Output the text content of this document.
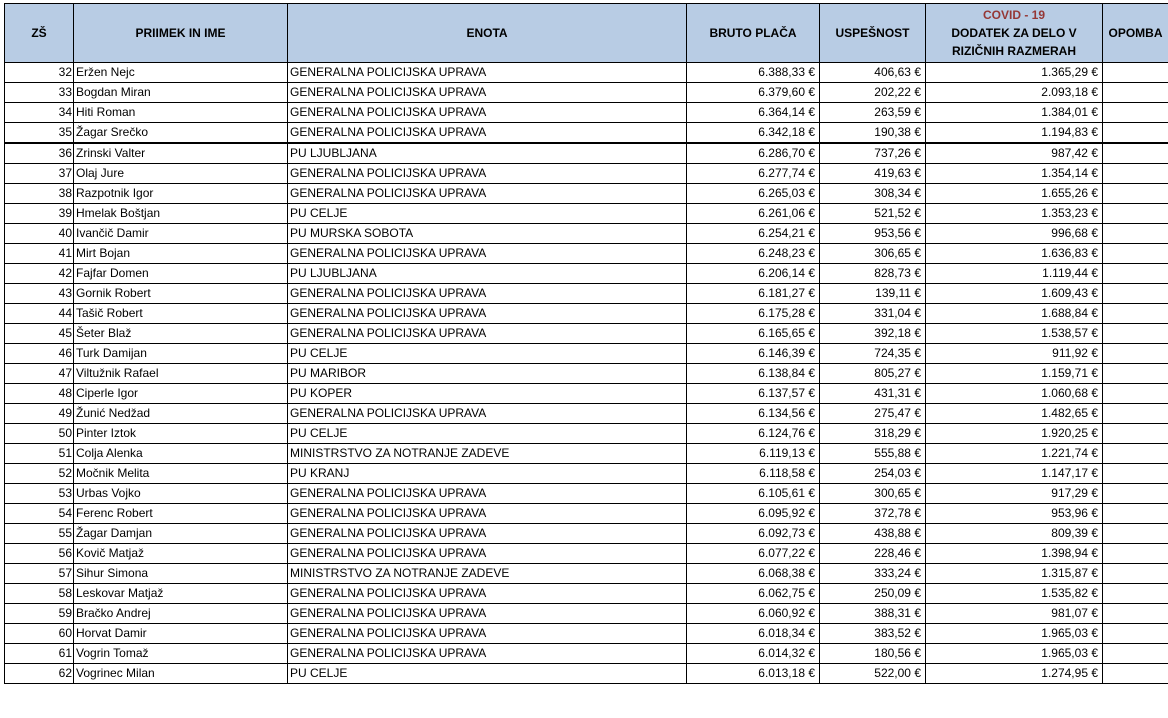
ZŠ	PRIIMEK IN IME	ENOTA	BRUTO PLAČA	USPEŠNOST	COVID - 19
DODATEK ZA DELO V
RIZIČNIH RAZMERAH	OPOMBA
32	Eržen Nejc	GENERALNA POLICIJSKA UPRAVA	6.388,33 €	406,63 €	1.365,29 €	
33	Bogdan Miran	GENERALNA POLICIJSKA UPRAVA	6.379,60 €	202,22 €	2.093,18 €	
34	Hiti Roman	GENERALNA POLICIJSKA UPRAVA	6.364,14 €	263,59 €	1.384,01 €	
35	Žagar Srečko	GENERALNA POLICIJSKA UPRAVA	6.342,18 €	190,38 €	1.194,83 €	
36	Zrinski Valter	PU LJUBLJANA	6.286,70 €	737,26 €	987,42 €	
37	Olaj Jure	GENERALNA POLICIJSKA UPRAVA	6.277,74 €	419,63 €	1.354,14 €	
38	Razpotnik Igor	GENERALNA POLICIJSKA UPRAVA	6.265,03 €	308,34 €	1.655,26 €	
39	Hmelak Boštjan	PU CELJE	6.261,06 €	521,52 €	1.353,23 €	
40	Ivančič Damir	PU MURSKA SOBOTA	6.254,21 €	953,56 €	996,68 €	
41	Mirt Bojan	GENERALNA POLICIJSKA UPRAVA	6.248,23 €	306,65 €	1.636,83 €	
42	Fajfar Domen	PU LJUBLJANA	6.206,14 €	828,73 €	1.119,44 €	
43	Gornik Robert	GENERALNA POLICIJSKA UPRAVA	6.181,27 €	139,11 €	1.609,43 €	
44	Tašič Robert	GENERALNA POLICIJSKA UPRAVA	6.175,28 €	331,04 €	1.688,84 €	
45	Šeter Blaž	GENERALNA POLICIJSKA UPRAVA	6.165,65 €	392,18 €	1.538,57 €	
46	Turk Damijan	PU CELJE	6.146,39 €	724,35 €	911,92 €	
47	Viltužnik Rafael	PU MARIBOR	6.138,84 €	805,27 €	1.159,71 €	
48	Ciperle Igor	PU KOPER	6.137,57 €	431,31 €	1.060,68 €	
49	Žunić Nedžad	GENERALNA POLICIJSKA UPRAVA	6.134,56 €	275,47 €	1.482,65 €	
50	Pinter Iztok	PU CELJE	6.124,76 €	318,29 €	1.920,25 €	
51	Colja Alenka	MINISTRSTVO ZA NOTRANJE ZADEVE	6.119,13 €	555,88 €	1.221,74 €	
52	Močnik Melita	PU KRANJ	6.118,58 €	254,03 €	1.147,17 €	
53	Urbas Vojko	GENERALNA POLICIJSKA UPRAVA	6.105,61 €	300,65 €	917,29 €	
54	Ferenc Robert	GENERALNA POLICIJSKA UPRAVA	6.095,92 €	372,78 €	953,96 €	
55	Žagar Damjan	GENERALNA POLICIJSKA UPRAVA	6.092,73 €	438,88 €	809,39 €	
56	Kovič Matjaž	GENERALNA POLICIJSKA UPRAVA	6.077,22 €	228,46 €	1.398,94 €	
57	Sihur Simona	MINISTRSTVO ZA NOTRANJE ZADEVE	6.068,38 €	333,24 €	1.315,87 €	
58	Leskovar Matjaž	GENERALNA POLICIJSKA UPRAVA	6.062,75 €	250,09 €	1.535,82 €	
59	Bračko Andrej	GENERALNA POLICIJSKA UPRAVA	6.060,92 €	388,31 €	981,07 €	
60	Horvat Damir	GENERALNA POLICIJSKA UPRAVA	6.018,34 €	383,52 €	1.965,03 €	
61	Vogrin Tomaž	GENERALNA POLICIJSKA UPRAVA	6.014,32 €	180,56 €	1.965,03 €	
62	Vogrinec Milan	PU CELJE	6.013,18 €	522,00 €	1.274,95 €	
